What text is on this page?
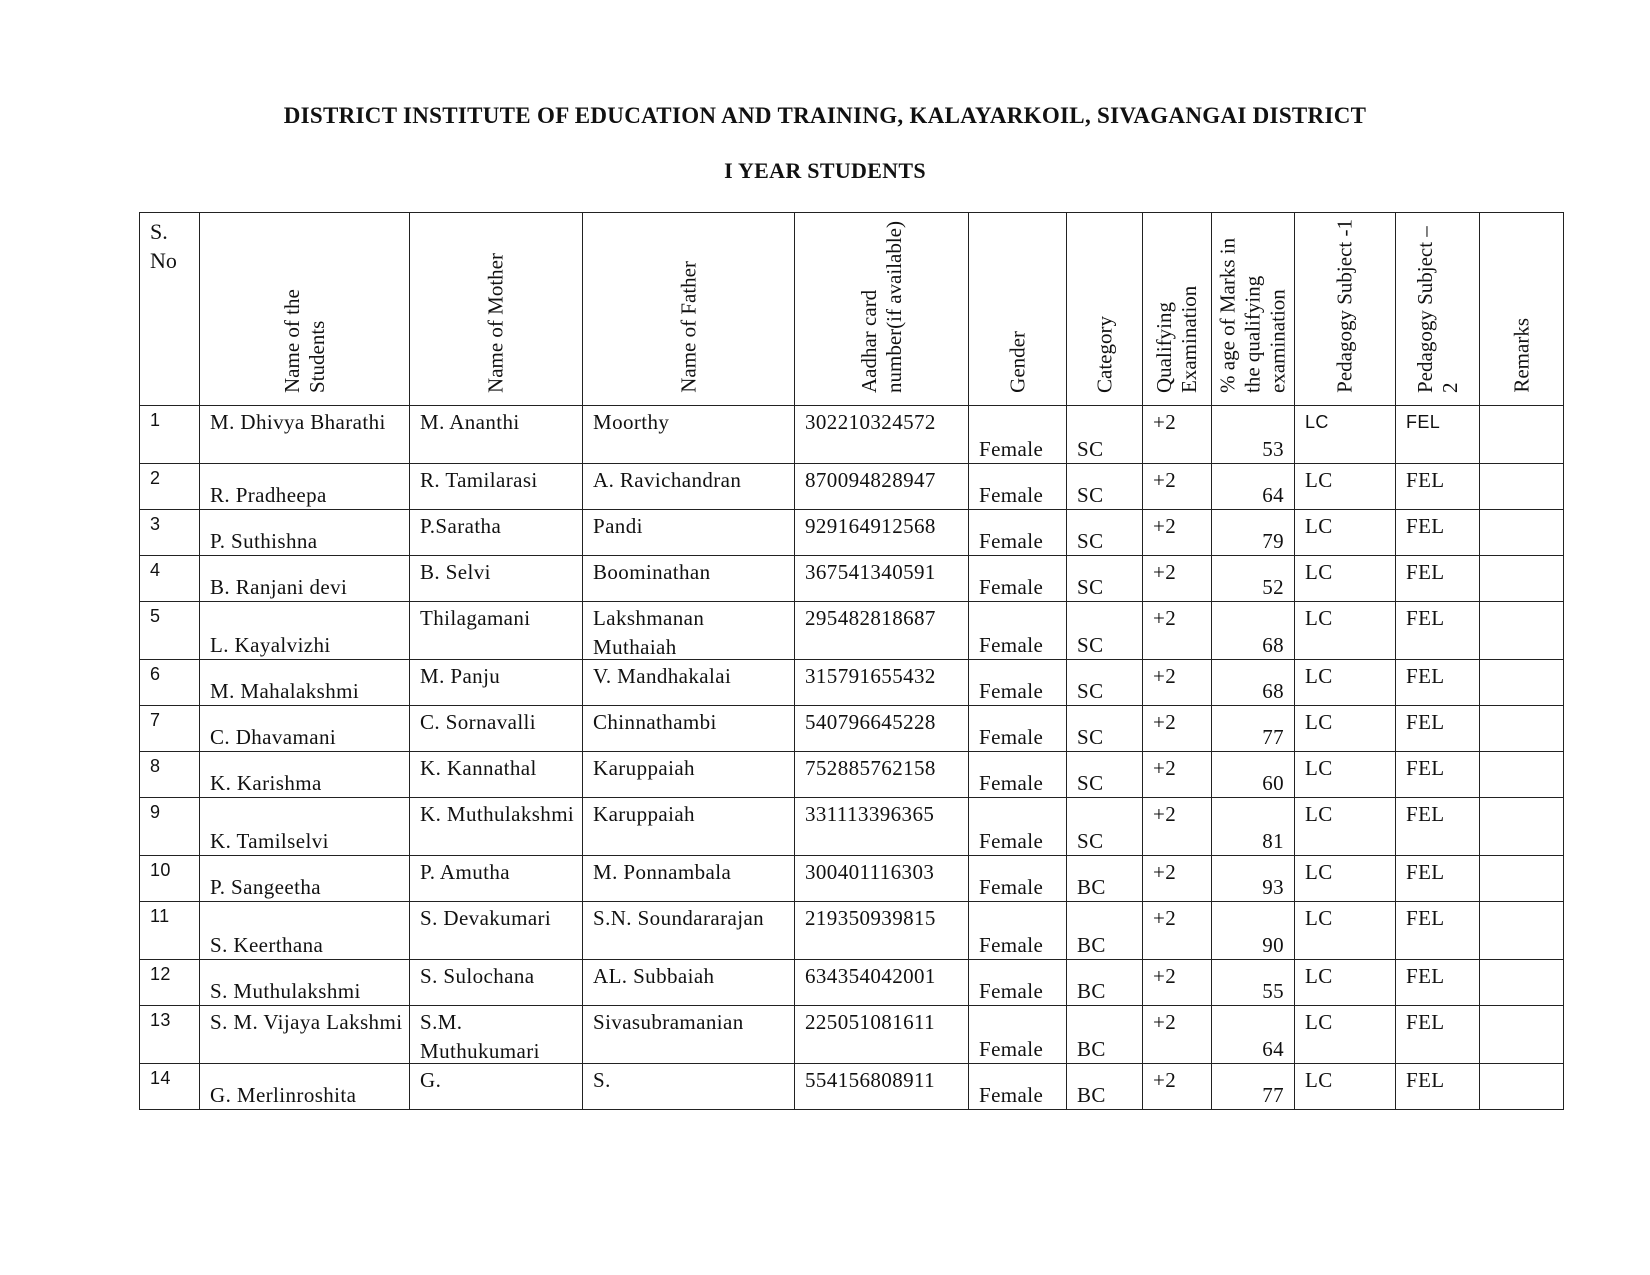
DISTRICT INSTITUTE OF EDUCATION AND TRAINING, KALAYARKOIL, SIVAGANGAI DISTRICT
I YEAR STUDENTS
S. No	Name of the Students	Name of Mother	Name of Father	Aadhar card number(if available)	Gender	Category	Qualifying Examination	% age of Marks in the qualifying examination	Pedagogy Subject -1	Pedagogy Subject – 2	Remarks

1	M. Dhivya Bharathi	M. Ananthi	Moorthy	302210324572	Female	SC	+2	53	LC	FEL	

2	R. Pradheepa	R. Tamilarasi	A. Ravichandran	870094828947	Female	SC	+2	64	LC	FEL	

3	P. Suthishna	P.Saratha	Pandi	929164912568	Female	SC	+2	79	LC	FEL	

4	B. Ranjani devi	B. Selvi	Boominathan	367541340591	Female	SC	+2	52	LC	FEL	

5	L. Kayalvizhi	Thilagamani	Lakshmanan Muthaiah	295482818687	Female	SC	+2	68	LC	FEL	

6	M. Mahalakshmi	M. Panju	V. Mandhakalai	315791655432	Female	SC	+2	68	LC	FEL	

7	C. Dhavamani	C. Sornavalli	Chinnathambi	540796645228	Female	SC	+2	77	LC	FEL	

8	K. Karishma	K. Kannathal	Karuppaiah	752885762158	Female	SC	+2	60	LC	FEL	

9	K. Tamilselvi	K. Muthulakshmi	Karuppaiah	331113396365	Female	SC	+2	81	LC	FEL	

10	P. Sangeetha	P. Amutha	M. Ponnambala	300401116303	Female	BC	+2	93	LC	FEL	

11	S. Keerthana	S. Devakumari	S.N. Soundararajan	219350939815	Female	BC	+2	90	LC	FEL	

12	S. Muthulakshmi	S. Sulochana	AL. Subbaiah	634354042001	Female	BC	+2	55	LC	FEL	

13	S. M. Vijaya Lakshmi	S.M. Muthukumari	Sivasubramanian	225051081611	Female	BC	+2	64	LC	FEL	

14	G. Merlinroshita	G.	S.	554156808911	Female	BC	+2	77	LC	FEL	
